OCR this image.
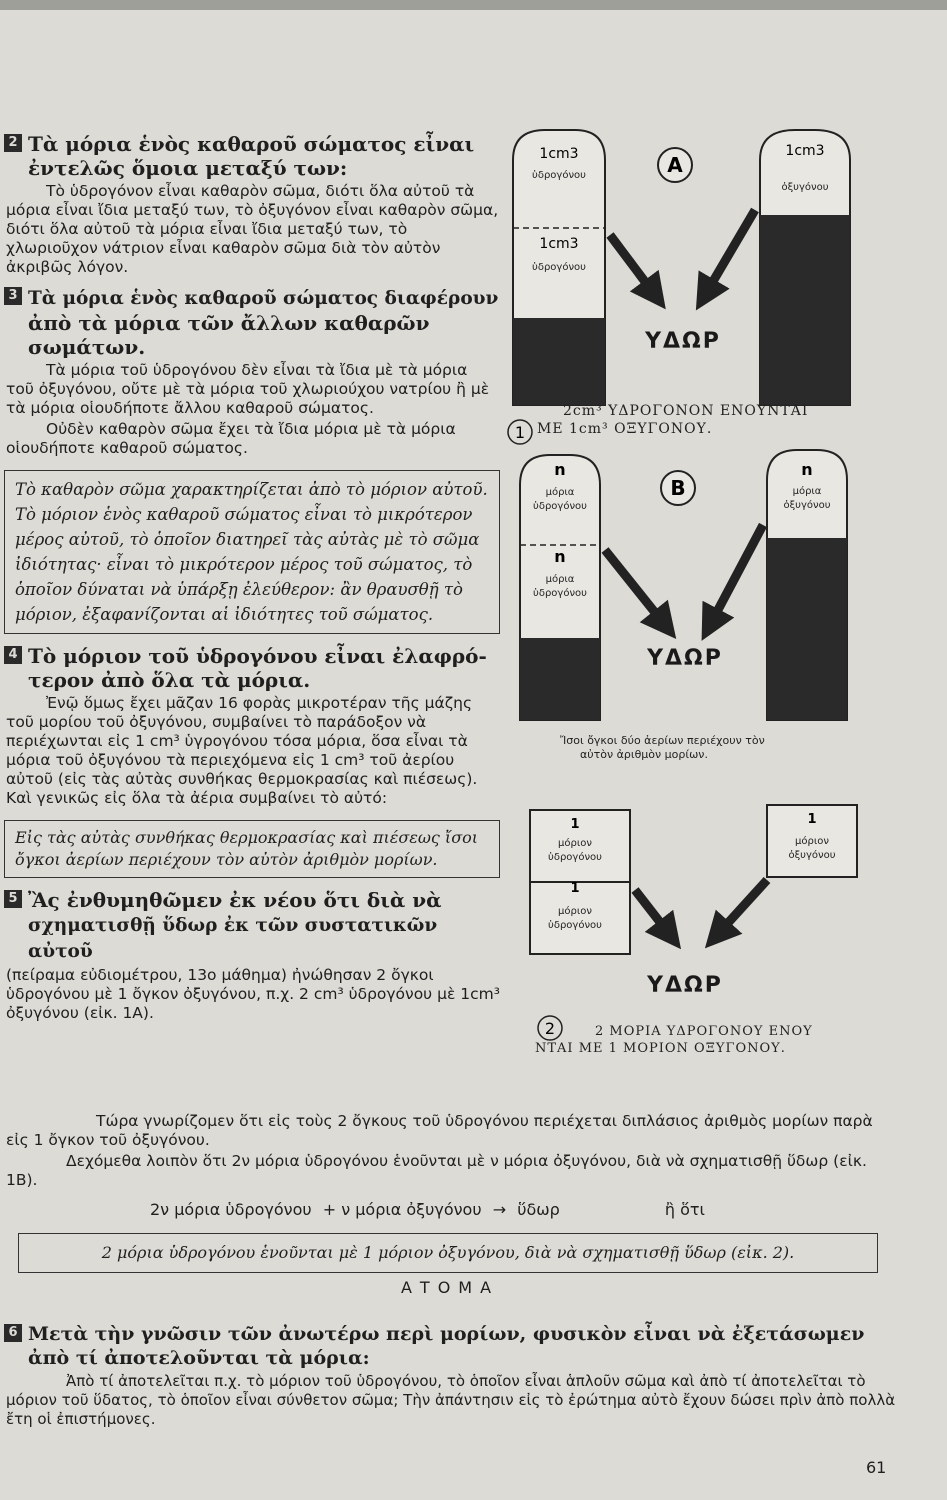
2 Τὰ μόρια ἑνὸς καθαροῦ σώματος εἶναι
ἐντελῶς ὅμοια μεταξύ των:

Τὸ ὑδρογόνον εἶναι καθαρὸν σῶμα, διότι ὅλα αὐτοῦ τὰ μόρια εἶναι ἴδια μεταξύ των, τὸ ὀξυγόνον εἶναι καθαρὸν σῶμα, διότι ὅλα αὐτοῦ τὰ μόρια εἶναι ἴδια μεταξύ των, τὸ χλωριοῦχον νάτριον εἶναι καθαρὸν σῶμα διὰ τὸν αὐτὸν ἀκριβῶς λόγον.

3 Τὰ μόρια ἑνὸς καθαροῦ σώματος διαφέρουν
ἀπὸ τὰ μόρια τῶν ἄλλων καθαρῶν σωμάτων.

Τὰ μόρια τοῦ ὑδρογόνου δὲν εἶναι τὰ ἴδια μὲ τὰ μόρια τοῦ ὀξυγόνου, οὔτε μὲ τὰ μόρια τοῦ χλωριούχου νατρίου ἢ μὲ τὰ μόρια οἱουδήποτε ἄλλου καθαροῦ σώματος.

Οὐδὲν καθαρὸν σῶμα ἔχει τὰ ἴδια μόρια μὲ τὰ μόρια οἱουδήποτε καθαροῦ σώματος.

Τὸ καθαρὸν σῶμα χαρακτηρίζεται ἀπὸ τὸ μόριον αὐτοῦ. Τὸ μόριον ἑνὸς καθαροῦ σώματος εἶναι τὸ μικρότερον μέρος αὐτοῦ, τὸ ὁποῖον διατηρεῖ τὰς αὐτὰς μὲ τὸ σῶμα ἰδιότητας· εἶναι τὸ μικρότερον μέρος τοῦ σώματος, τὸ ὁποῖον δύναται νὰ ὑπάρξῃ ἐλεύθερον: ἂν θραυσθῇ τὸ μόριον, ἐξαφανίζονται αἱ ἰδιότητες τοῦ σώματος.
4 Τὸ μόριον τοῦ ὑδρογόνου εἶναι ἐλαφρό-
τερον ἀπὸ ὅλα τὰ μόρια.

Ἐνῷ ὅμως ἔχει μᾶζαν 16 φορὰς μικροτέραν τῆς μάζης τοῦ μορίου τοῦ ὀξυγόνου, συμβαίνει τὸ παράδοξον νὰ περιέχωνται εἰς 1 cm³ ὑγρογόνου τόσα μόρια, ὅσα εἶναι τὰ μόρια τοῦ ὀξυγόνου τὰ περιεχόμενα εἰς 1 cm³ τοῦ ἀερίου αὐτοῦ (εἰς τὰς αὐτὰς συνθήκας θερμοκρασίας καὶ πιέσεως). Καὶ γενικῶς εἰς ὅλα τὰ ἀέρια συμβαίνει τὸ αὐτό:

Εἰς τὰς αὐτὰς συνθήκας θερμοκρασίας καὶ πιέσεως ἴσοι ὄγκοι ἀερίων περιέχουν τὸν αὐτὸν ἀριθμὸν μορίων.
5 Ἂς ἐνθυμηθῶμεν ἐκ νέου ὅτι διὰ νὰ
σχηματισθῇ ὕδωρ ἐκ τῶν συστατικῶν αὐτοῦ

(πείραμα εὐδιομέτρου, 13ο μάθημα) ἠνώθησαν 2 ὄγκοι ὑδρογόνου μὲ 1 ὄγκον ὀξυγόνου, π.χ. 2 cm³ ὑδρογόνου μὲ 1cm³ ὀξυγόνου (εἰκ. 1Α).

1cm3
ὑδρογόνου
1cm3
ὑδρογόνου
1cm3
ὀξυγόνου
A
ΥΔΩΡ
1
2cm³ ΥΔΡΟΓΟΝΟΝ ΕΝΟΥΝΤΑΙ
ΜΕ 1cm³ ΟΞΥΓΟΝΟΥ.
n
μόρια
ὑδρογόνου
n
μόρια
ὑδρογόνου
n
μόρια
ὀξυγόνου
B
ΥΔΩΡ
Ἴσοι ὄγκοι δύο ἀερίων περιέχουν τὸν
αὐτὸν ἀριθμὸν μορίων.
1
μόριον
ὑδρογόνου
1
μόριον
ὑδρογόνου
1
μόριον
ὀξυγόνου
ΥΔΩΡ
2	2 ΜΟΡΙΑ ΥΔΡΟΓΟΝΟΥ ΕΝΟΥ
ΝΤΑΙ ΜΕ 1 ΜΟΡΙΟΝ ΟΞΥΓΟΝΟΥ.

Τώρα γνωρίζομεν ὅτι εἰς τοὺς 2 ὄγκους τοῦ ὑδρογόνου περιέχεται διπλάσιος ἀριθμὸς μορίων παρὰ εἰς 1 ὄγκον τοῦ ὀξυγόνου.

Δεχόμεθα λοιπὸν ὅτι 2ν μόρια ὑδρογόνου ἑνοῦνται μὲ ν μόρια ὀξυγόνου, διὰ νὰ σχηματισθῇ ὕδωρ (εἰκ. 1Β).

2ν μόρια ὑδρογόνου + ν μόρια ὀξυγόνου → ὕδωρ	ἢ ὅτι
2 μόρια ὑδρογόνου ἑνοῦνται μὲ 1 μόριον ὀξυγόνου, διὰ νὰ σχηματισθῇ ὕδωρ (εἰκ. 2).
ΑΤΟΜΑ
6 Μετὰ τὴν γνῶσιν τῶν ἀνωτέρω περὶ μορίων, φυσικὸν εἶναι νὰ ἐξετάσωμεν
ἀπὸ τί ἀποτελοῦνται τὰ μόρια:

Ἀπὸ τί ἀποτελεῖται π.χ. τὸ μόριον τοῦ ὑδρογόνου, τὸ ὁποῖον εἶναι ἁπλοῦν σῶμα καὶ ἀπὸ τί ἀποτελεῖται τὸ μόριον τοῦ ὕδατος, τὸ ὁποῖον εἶναι σύνθετον σῶμα; Τὴν ἀπάντησιν εἰς τὸ ἐρώτημα αὐτὸ ἔχουν δώσει πρὶν ἀπὸ πολλὰ ἔτη οἱ ἐπιστήμονες.

61
